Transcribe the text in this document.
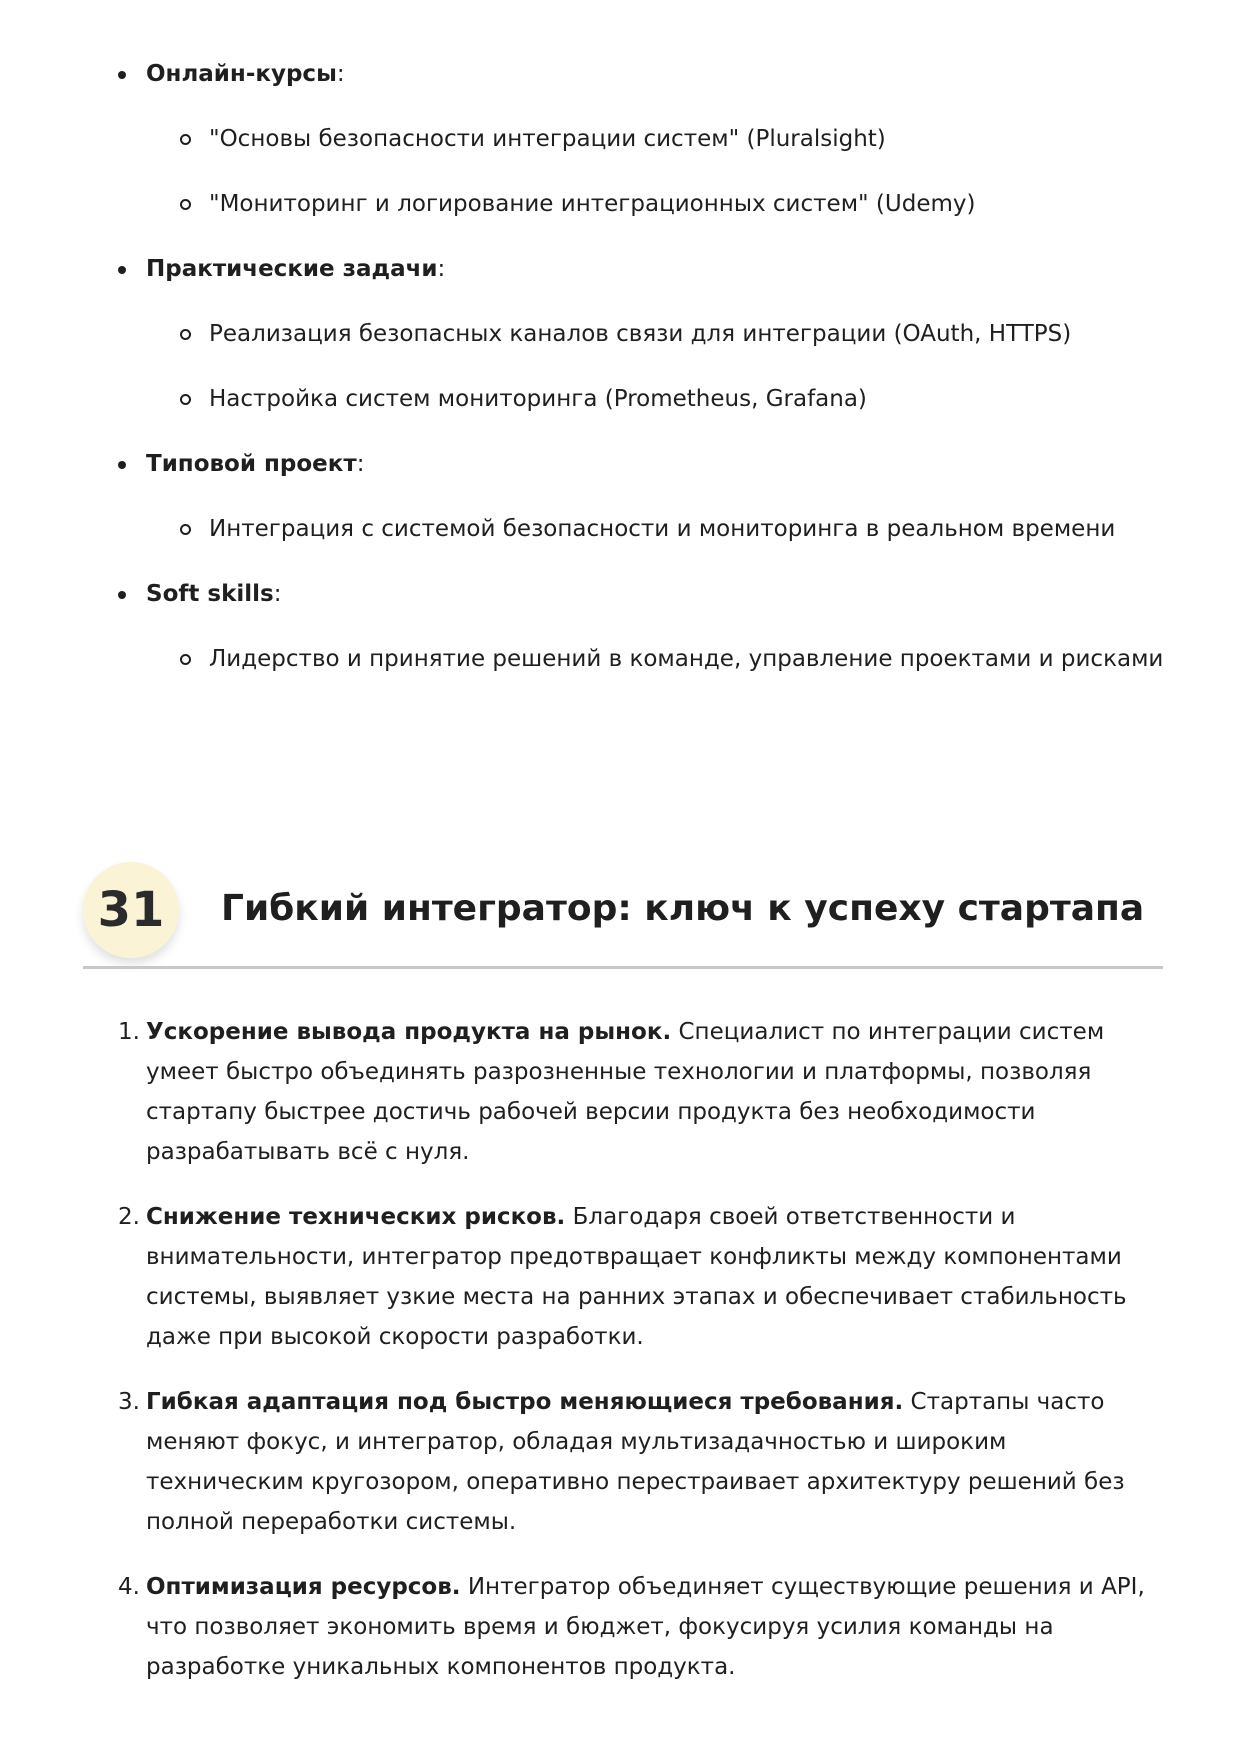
Онлайн-курсы:
"Основы безопасности интеграции систем" (Pluralsight)
"Мониторинг и логирование интеграционных систем" (Udemy)
Практические задачи:
Реализация безопасных каналов связи для интеграции (OAuth, HTTPS)
Настройка систем мониторинга (Prometheus, Grafana)
Типовой проект:
Интеграция с системой безопасности и мониторинга в реальном времени
Soft skills:
Лидерство и принятие решений в команде, управление проектами и рисками
31	Гибкий интегратор: ключ к успеху стартапа
1. Ускорение вывода продукта на рынок. Специалист по интеграции систем умеет быстро объединять разрозненные технологии и платформы, позволяя стартапу быстрее достичь рабочей версии продукта без необходимости разрабатывать всё с нуля.
2. Снижение технических рисков. Благодаря своей ответственности и внимательности, интегратор предотвращает конфликты между компонентами системы, выявляет узкие места на ранних этапах и обеспечивает стабильность даже при высокой скорости разработки.
3. Гибкая адаптация под быстро меняющиеся требования. Стартапы часто меняют фокус, и интегратор, обладая мультизадачностью и широким техническим кругозором, оперативно перестраивает архитектуру решений без полной переработки системы.
4. Оптимизация ресурсов. Интегратор объединяет существующие решения и API, что позволяет экономить время и бюджет, фокусируя усилия команды на разработке уникальных компонентов продукта.
